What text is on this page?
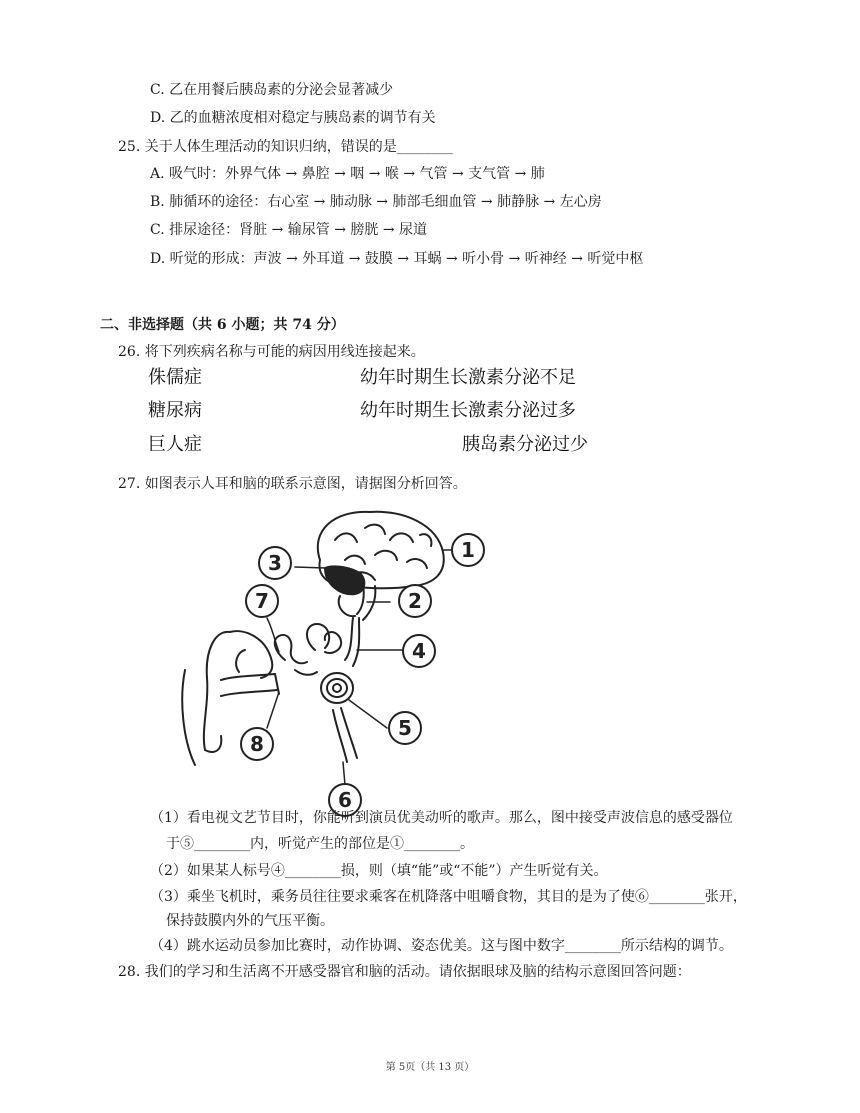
C. 乙在用餐后胰岛素的分泌会显著减少
D. 乙的血糖浓度相对稳定与胰岛素的调节有关
25. 关于人体生理活动的知识归纳，错误的是________
A. 吸气时：外界气体 → 鼻腔 → 咽 → 喉 → 气管 → 支气管 → 肺
B. 肺循环的途径：右心室 → 肺动脉 → 肺部毛细血管 → 肺静脉 → 左心房
C. 排尿途径：肾脏 → 输尿管 → 膀胱 → 尿道
D. 听觉的形成：声波 → 外耳道 → 鼓膜 → 耳蜗 → 听小骨 → 听神经 → 听觉中枢
二、非选择题（共 6 小题；共 74 分）
26. 将下列疾病名称与可能的病因用线连接起来。
侏儒症
糖尿病
巨人症
幼年时期生长激素分泌不足
幼年时期生长激素分泌过多
胰岛素分泌过少
27. 如图表示人耳和脑的联系示意图，请据图分析回答。
1
2
3
4
5
6
7
8
（1）看电视文艺节目时，你能听到演员优美动听的歌声。那么，图中接受声波信息的感受器位
于⑤________内，听觉产生的部位是①________。
（2）如果某人标号④________损，则（填“能”或“不能”）产生听觉有关。
（3）乘坐飞机时，乘务员往往要求乘客在机降落中咀嚼食物，其目的是为了使⑥________张开，
保持鼓膜内外的气压平衡。
（4）跳水运动员参加比赛时，动作协调、姿态优美。这与图中数字________所示结构的调节。
28. 我们的学习和生活离不开感受器官和脑的活动。请依据眼球及脑的结构示意图回答问题：
第 5页（共 13 页）
